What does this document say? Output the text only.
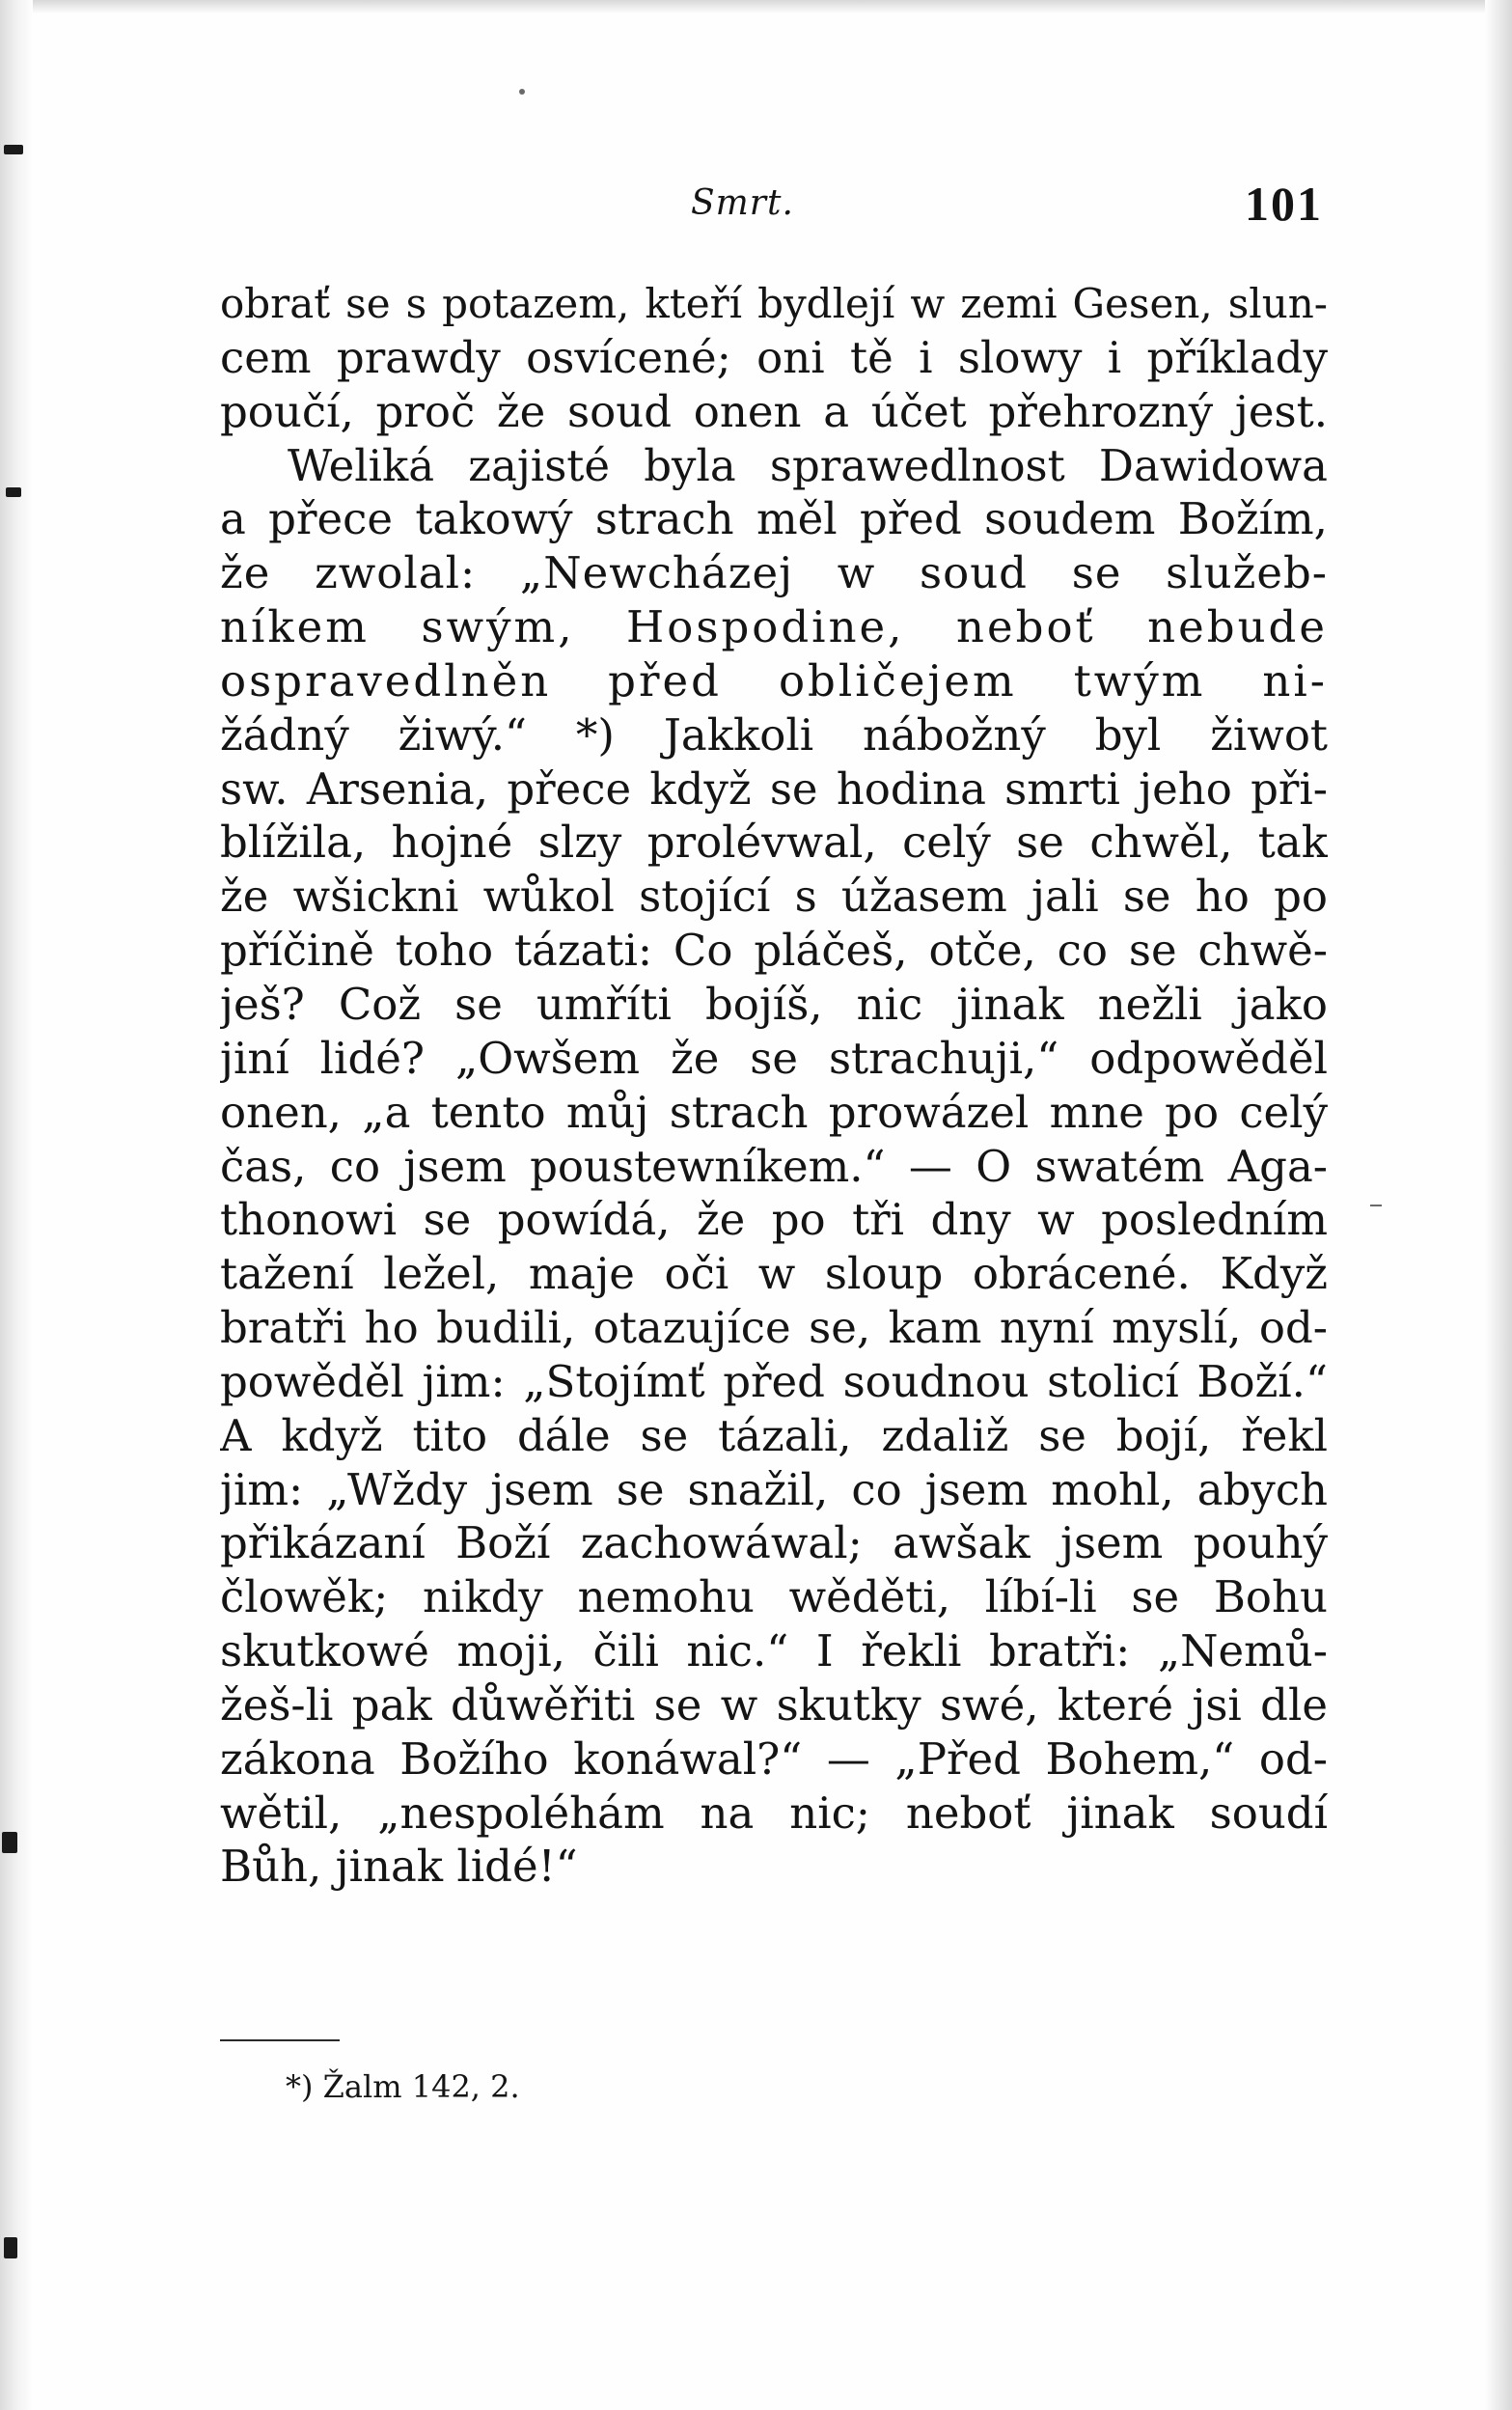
Smrt.	101
obrať se s potazem, kteří bydlejí w zemi Gesen, slun-
cem prawdy osvícené; oni tě i slowy i příklady
poučí, proč že soud onen a účet přehrozný jest.
Weliká zajisté byla sprawedlnost Dawidowa
a přece takowý strach měl před soudem Božím,
že zwolal: „Newcházej w soud se služeb-
níkem swým, Hospodine, neboť nebude
ospravedlněn před obličejem twým ni-
žádný žiwý.“ *) Jakkoli nábožný byl žiwot
sw. Arsenia, přece když se hodina smrti jeho při-
blížila, hojné slzy prolévwal, celý se chwěl, tak
že wšickni wůkol stojící s úžasem jali se ho po
příčině toho tázati: Co pláčeš, otče, co se chwě-
ješ? Což se umříti bojíš, nic jinak nežli jako
jiní lidé? „Owšem že se strachuji,“ odpowěděl
onen, „a tento můj strach prowázel mne po celý
čas, co jsem poustewníkem.“ — O swatém Aga-
thonowi se powídá, že po tři dny w posledním
tažení ležel, maje oči w sloup obrácené. Když
bratři ho budili, otazujíce se, kam nyní myslí, od-
powěděl jim: „Stojímť před soudnou stolicí Boží.“
A když tito dále se tázali, zdaliž se bojí, řekl
jim: „Wždy jsem se snažil, co jsem mohl, abych
přikázaní Boží zachowáwal; awšak jsem pouhý
člowěk; nikdy nemohu wěděti, líbí-li se Bohu
skutkowé moji, čili nic.“ I řekli bratři: „Nemů-
žeš-li pak důwěřiti se w skutky swé, které jsi dle
zákona Božího konáwal?“ — „Před Bohem,“ od-
wětil, „nespoléhám na nic; neboť jinak soudí
Bůh, jinak lidé!“
*) Žalm 142, 2.
